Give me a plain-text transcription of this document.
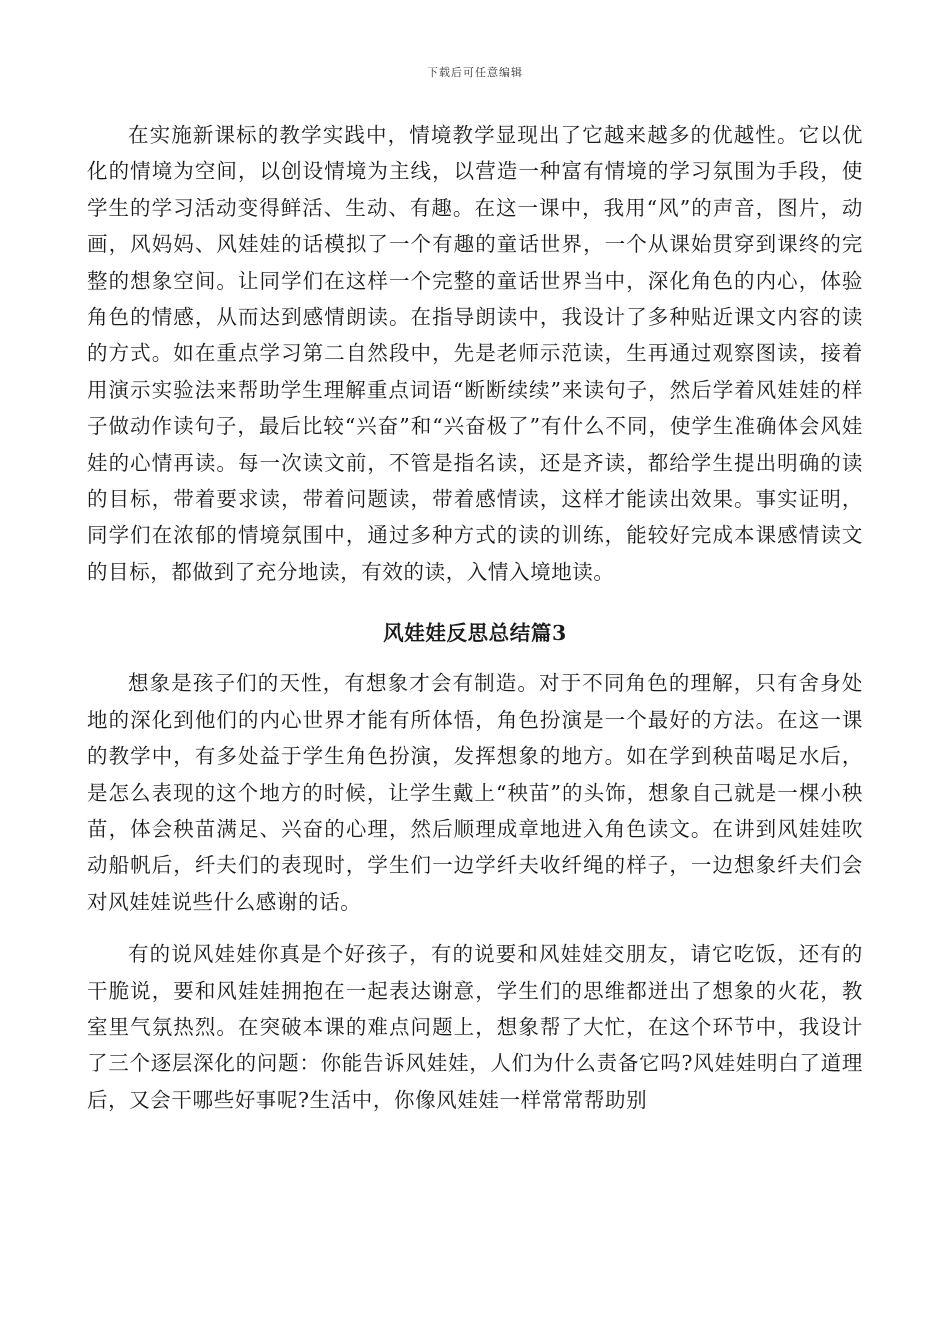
下载后可任意编辑

在实施新课标的教学实践中，情境教学显现出了它越来越多的优越性。它以优化的情境为空间，以创设情境为主线，以营造一种富有情境的学习氛围为手段，使学生的学习活动变得鲜活、生动、有趣。在这一课中，我用“风”的声音，图片，动画，风妈妈、风娃娃的话模拟了一个有趣的童话世界，一个从课始贯穿到课终的完整的想象空间。让同学们在这样一个完整的童话世界当中，深化角色的内心，体验角色的情感，从而达到感情朗读。在指导朗读中，我设计了多种贴近课文内容的读的方式。如在重点学习第二自然段中，先是老师示范读，生再通过观察图读，接着用演示实验法来帮助学生理解重点词语“断断续续”来读句子，然后学着风娃娃的样子做动作读句子，最后比较“兴奋”和“兴奋极了”有什么不同，使学生准确体会风娃娃的心情再读。每一次读文前，不管是指名读，还是齐读，都给学生提出明确的读的目标，带着要求读，带着问题读，带着感情读，这样才能读出效果。事实证明，同学们在浓郁的情境氛围中，通过多种方式的读的训练，能较好完成本课感情读文的目标，都做到了充分地读，有效的读，入情入境地读。

风娃娃反思总结篇3

想象是孩子们的天性，有想象才会有制造。对于不同角色的理解，只有舍身处地的深化到他们的内心世界才能有所体悟，角色扮演是一个最好的方法。在这一课的教学中，有多处益于学生角色扮演，发挥想象的地方。如在学到秧苗喝足水后，是怎么表现的这个地方的时候，让学生戴上“秧苗”的头饰，想象自己就是一棵小秧苗，体会秧苗满足、兴奋的心理，然后顺理成章地进入角色读文。在讲到风娃娃吹动船帆后，纤夫们的表现时，学生们一边学纤夫收纤绳的样子，一边想象纤夫们会对风娃娃说些什么感谢的话。

有的说风娃娃你真是个好孩子，有的说要和风娃娃交朋友，请它吃饭，还有的干脆说，要和风娃娃拥抱在一起表达谢意，学生们的思维都迸出了想象的火花，教室里气氛热烈。在突破本课的难点问题上，想象帮了大忙，在这个环节中，我设计了三个逐层深化的问题：你能告诉风娃娃，人们为什么责备它吗?风娃娃明白了道理后，又会干哪些好事呢?生活中，你像风娃娃一样常常帮助别
